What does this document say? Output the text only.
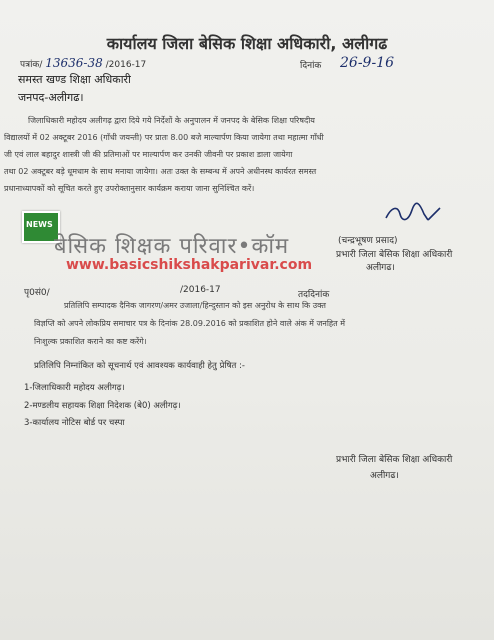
कार्यालय जिला बेसिक शिक्षा अधिकारी, अलीगढ
पत्रांक/ 13636-38 /2016-17	दिनांक 26-9-16
समस्त खण्ड शिक्षा अधिकारी
जनपद-अलीगढ।
जिलाधिकारी महोदय अलीगढ़ द्वारा दिये गये निर्देशों के अनुपालन में जनपद के बेसिक शिक्षा परिषदीय
विद्यालयों में 02 अक्टूबर 2016 (गाँधी जयन्ती) पर प्रातः 8.00 बजे माल्यार्पण किया जायेगा तथा महात्मा गाँधी
जी एवं लाल बहादुर शास्त्री जी की प्रतिमाओं पर माल्यार्पण कर उनकी जीवनी पर प्रकाश डाला जायेगा
तथा 02 अक्टूबर बड़े धूमधाम के साथ मनाया जायेगा। अतः उक्त के सम्बन्ध में अपने अधीनस्थ कार्यरत समस्त
प्रधानाध्यापकों को सूचित करते हुए उपरोक्तानुसार कार्यक्रम कराया जाना सुनिश्चित करें।
NEWS
बेसिक शिक्षक परिवार•कॉम
www.basicshikshakparivar.com
(चन्द्रभूषण प्रसाद)
प्रभारी जिला बेसिक शिक्षा अधिकारी
अलीगढ।
पृ0सं0/	/2016-17	तददिनांक
प्रतिलिपि सम्पादक दैनिक जागरण/अमर उजाला/हिन्दुस्तान को इस अनुरोध के साथ कि उक्त
विज्ञप्ति को अपने लोकप्रिय समाचार पत्र के दिनांक 28.09.2016 को प्रकाशित होने वाले अंक में जनहित में
निःशुल्क प्रकाशित कराने का कष्ट करेंगे।
प्रतिलिपि निम्नांकित को सूचनार्थ एवं आवश्यक कार्यवाही हेतु प्रेषित :-
1-जिलाधिकारी महोदय अलीगढ़।
2-मण्डलीय सहायक शिक्षा निदेशक (बे0) अलीगढ़।
3-कार्यालय नोटिस बोर्ड पर चस्पा
प्रभारी जिला बेसिक शिक्षा अधिकारी
अलीगढ।
